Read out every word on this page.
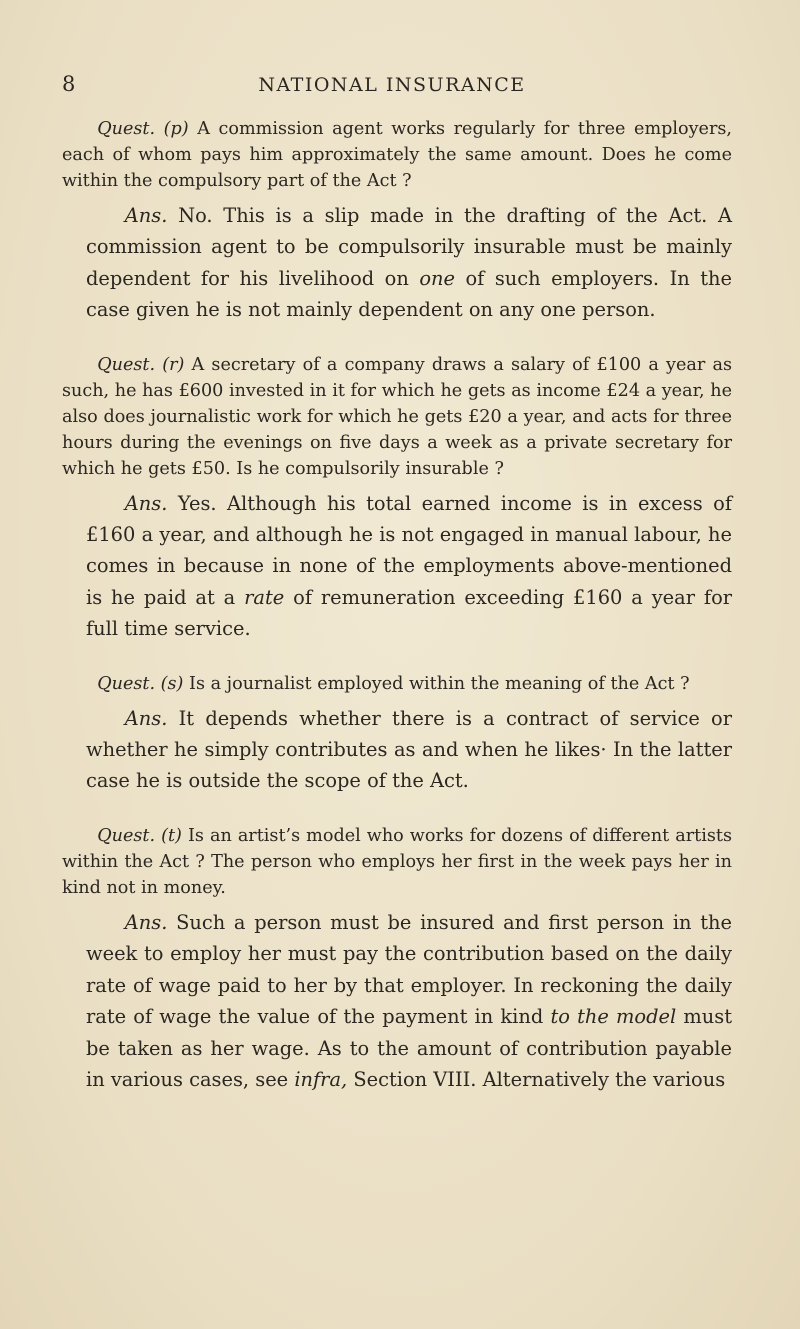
8	NATIONAL INSURANCE

Quest. (p) A commission agent works regularly for three employers, each of whom pays him approximately the same amount. Does he come within the compulsory part of the Act ?

Ans. No. This is a slip made in the drafting of the Act. A commission agent to be compulsorily insurable must be mainly dependent for his livelihood on one of such employers. In the case given he is not mainly dependent on any one person.

Quest. (r) A secretary of a company draws a salary of £100 a year as such, he has £600 invested in it for which he gets as income £24 a year, he also does journalistic work for which he gets £20 a year, and acts for three hours during the evenings on five days a week as a private secretary for which he gets £50. Is he compulsorily insurable ?

Ans. Yes. Although his total earned income is in excess of £160 a year, and although he is not engaged in manual labour, he comes in because in none of the employments above-mentioned is he paid at a rate of remuneration exceeding £160 a year for full time service.

Quest. (s) Is a journalist employed within the meaning of the Act ?

Ans. It depends whether there is a contract of service or whether he simply contributes as and when he likes· In the latter case he is outside the scope of the Act.

Quest. (t) Is an artist’s model who works for dozens of different artists within the Act ? The person who employs her first in the week pays her in kind not in money.

Ans. Such a person must be insured and first person in the week to employ her must pay the contribution based on the daily rate of wage paid to her by that employer. In reckoning the daily rate of wage the value of the payment in kind to the model must be taken as her wage. As to the amount of contribution payable in various cases, see infra, Section VIII. Alternatively the various
